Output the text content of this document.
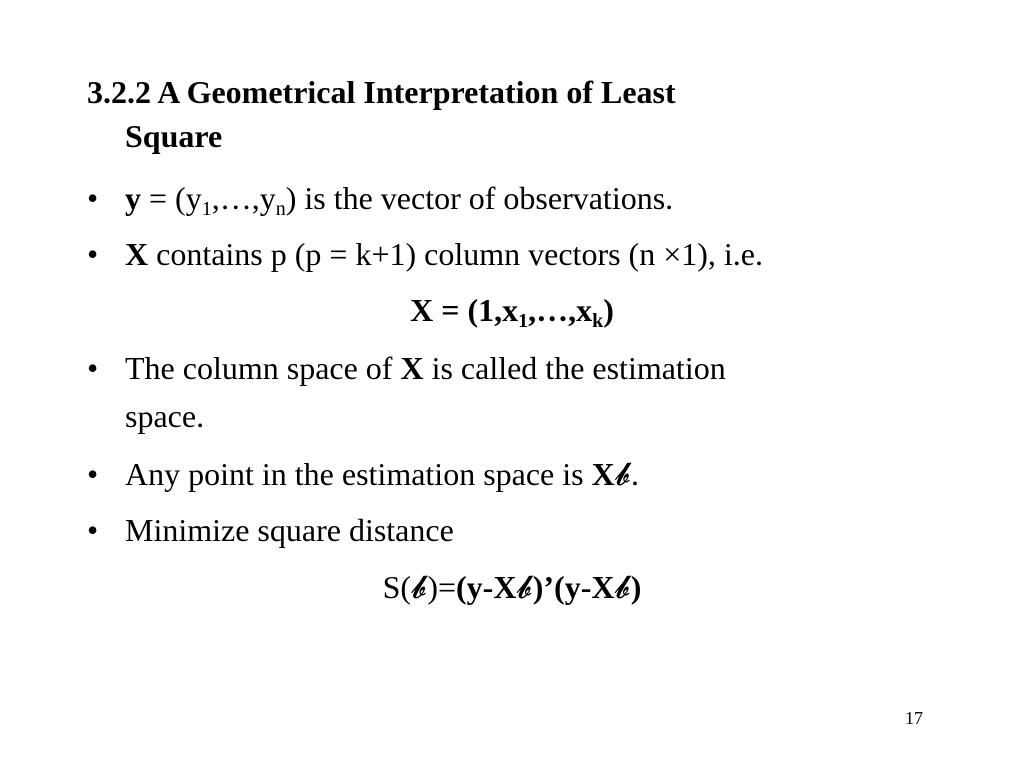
3.2.2 A Geometrical Interpretation of Least
Square
• $y = (y_1,\dots,y_n)$ is the vector of observations.
• X contains p (p = k+1) column vectors (n ×1), i.e.
$X = (1,x_1,\dots,x_k)$
• The column space of X is called the estimation
space.
• Any point in the estimation space is X𝓫.
• Minimize square distance
S(𝓫)=(y-X𝓫)’(y-X𝓫)
17
